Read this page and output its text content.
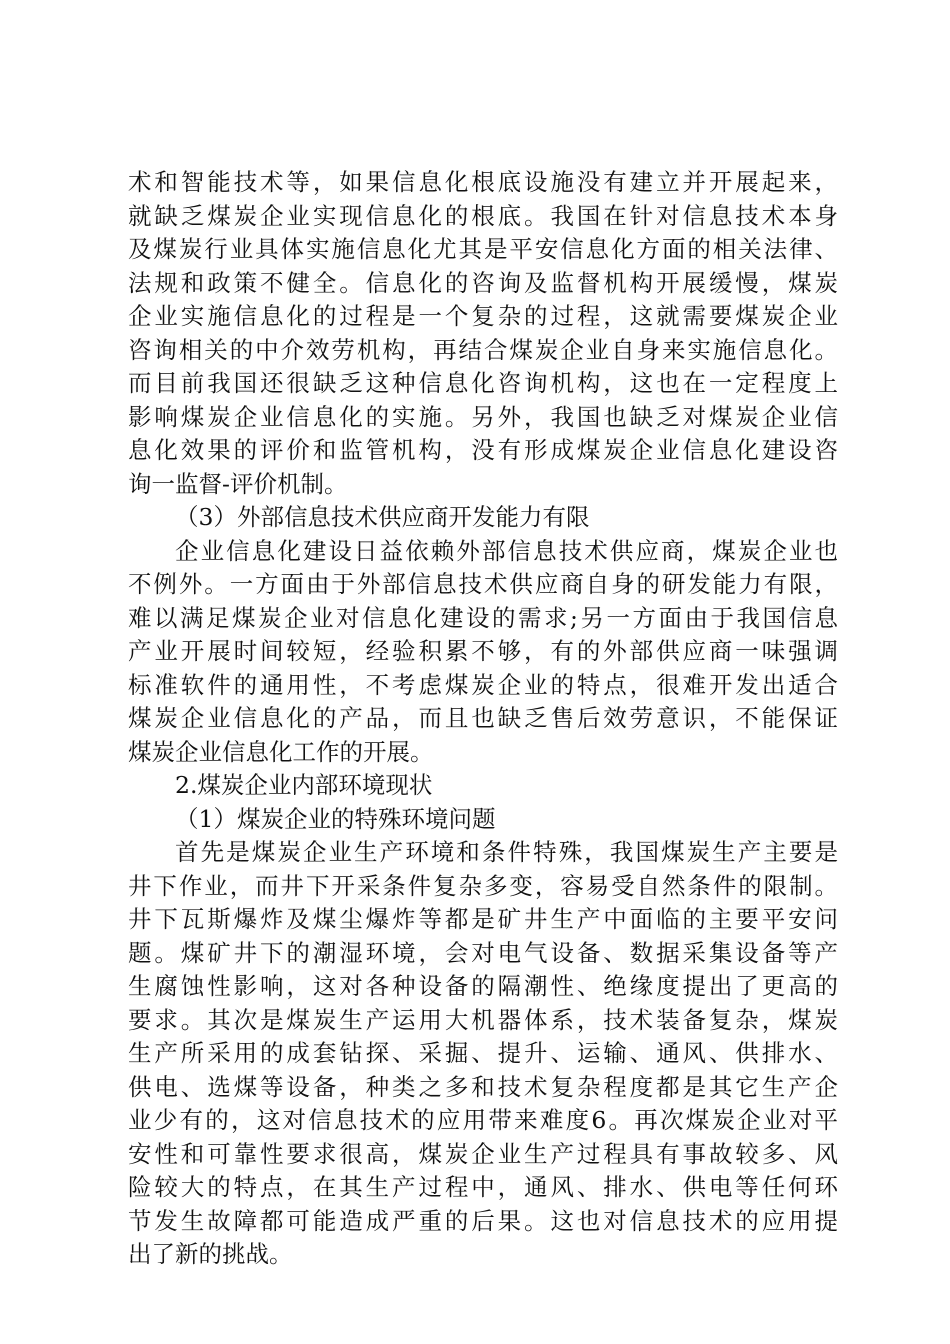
术和智能技术等，如果信息化根底设施没有建立并开展起来，
就缺乏煤炭企业实现信息化的根底。我国在针对信息技术本身
及煤炭行业具体实施信息化尤其是平安信息化方面的相关法律、
法规和政策不健全。信息化的咨询及监督机构开展缓慢，煤炭
企业实施信息化的过程是一个复杂的过程，这就需要煤炭企业
咨询相关的中介效劳机构，再结合煤炭企业自身来实施信息化。
而目前我国还很缺乏这种信息化咨询机构，这也在一定程度上
影响煤炭企业信息化的实施。另外，我国也缺乏对煤炭企业信
息化效果的评价和监管机构，没有形成煤炭企业信息化建设咨
询一监督-评价机制。
（3）外部信息技术供应商开发能力有限
企业信息化建设日益依赖外部信息技术供应商，煤炭企业也
不例外。一方面由于外部信息技术供应商自身的研发能力有限，
难以满足煤炭企业对信息化建设的需求;另一方面由于我国信息
产业开展时间较短，经验积累不够，有的外部供应商一味强调
标准软件的通用性，不考虑煤炭企业的特点，很难开发出适合
煤炭企业信息化的产品，而且也缺乏售后效劳意识，不能保证
煤炭企业信息化工作的开展。
2.煤炭企业内部环境现状
（1）煤炭企业的特殊环境问题
首先是煤炭企业生产环境和条件特殊，我国煤炭生产主要是
井下作业，而井下开采条件复杂多变，容易受自然条件的限制。
井下瓦斯爆炸及煤尘爆炸等都是矿井生产中面临的主要平安问
题。煤矿井下的潮湿环境，会对电气设备、数据采集设备等产
生腐蚀性影响，这对各种设备的隔潮性、绝缘度提出了更高的
要求。其次是煤炭生产运用大机器体系，技术装备复杂，煤炭
生产所采用的成套钻探、采掘、提升、运输、通风、供排水、
供电、选煤等设备，种类之多和技术复杂程度都是其它生产企
业少有的，这对信息技术的应用带来难度6。再次煤炭企业对平
安性和可靠性要求很高，煤炭企业生产过程具有事故较多、风
险较大的特点，在其生产过程中，通风、排水、供电等任何环
节发生故障都可能造成严重的后果。这也对信息技术的应用提
出了新的挑战。
